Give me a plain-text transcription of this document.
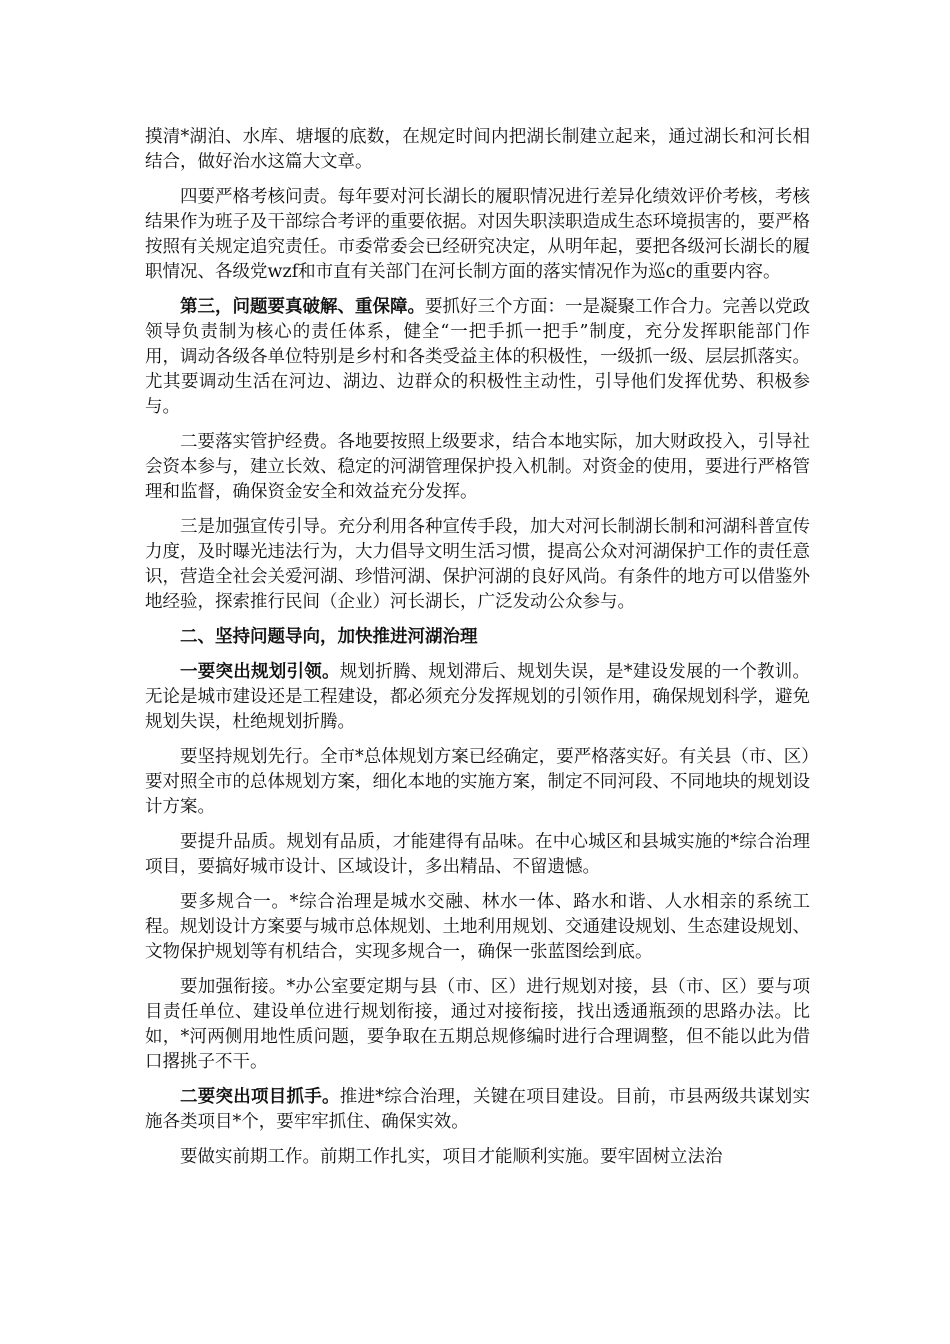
摸清*湖泊、水库、塘堰的底数，在规定时间内把湖长制建立起来，通过湖长和河长相结合，做好治水这篇大文章。

四要严格考核问责。每年要对河长湖长的履职情况进行差异化绩效评价考核，考核结果作为班子及干部综合考评的重要依据。对因失职渎职造成生态环境损害的，要严格按照有关规定追究责任。市委常委会已经研究决定，从明年起，要把各级河长湖长的履职情况、各级党wzf和市直有关部门在河长制方面的落实情况作为巡c的重要内容。

第三，问题要真破解、重保障。要抓好三个方面：一是凝聚工作合力。完善以党政领导负责制为核心的责任体系，健全“一把手抓一把手”制度，充分发挥职能部门作用，调动各级各单位特别是乡村和各类受益主体的积极性，一级抓一级、层层抓落实。尤其要调动生活在河边、湖边、边群众的积极性主动性，引导他们发挥优势、积极参与。

二要落实管护经费。各地要按照上级要求，结合本地实际，加大财政投入，引导社会资本参与，建立长效、稳定的河湖管理保护投入机制。对资金的使用，要进行严格管理和监督，确保资金安全和效益充分发挥。

三是加强宣传引导。充分利用各种宣传手段，加大对河长制湖长制和河湖科普宣传力度，及时曝光违法行为，大力倡导文明生活习惯，提高公众对河湖保护工作的责任意识，营造全社会关爱河湖、珍惜河湖、保护河湖的良好风尚。有条件的地方可以借鉴外地经验，探索推行民间（企业）河长湖长，广泛发动公众参与。

二、坚持问题导向，加快推进河湖治理

一要突出规划引领。规划折腾、规划滞后、规划失误，是*建设发展的一个教训。无论是城市建设还是工程建设，都必须充分发挥规划的引领作用，确保规划科学，避免规划失误，杜绝规划折腾。

要坚持规划先行。全市*总体规划方案已经确定，要严格落实好。有关县（市、区）要对照全市的总体规划方案，细化本地的实施方案，制定不同河段、不同地块的规划设计方案。

要提升品质。规划有品质，才能建得有品味。在中心城区和县城实施的*综合治理项目，要搞好城市设计、区域设计，多出精品、不留遗憾。

要多规合一。*综合治理是城水交融、林水一体、路水和谐、人水相亲的系统工程。规划设计方案要与城市总体规划、土地利用规划、交通建设规划、生态建设规划、文物保护规划等有机结合，实现多规合一，确保一张蓝图绘到底。

要加强衔接。*办公室要定期与县（市、区）进行规划对接，县（市、区）要与项目责任单位、建设单位进行规划衔接，通过对接衔接，找出透通瓶颈的思路办法。比如，*河两侧用地性质问题，要争取在五期总规修编时进行合理调整，但不能以此为借口撂挑子不干。

二要突出项目抓手。推进*综合治理，关键在项目建设。目前，市县两级共谋划实施各类项目*个，要牢牢抓住、确保实效。

要做实前期工作。前期工作扎实，项目才能顺利实施。要牢固树立法治
